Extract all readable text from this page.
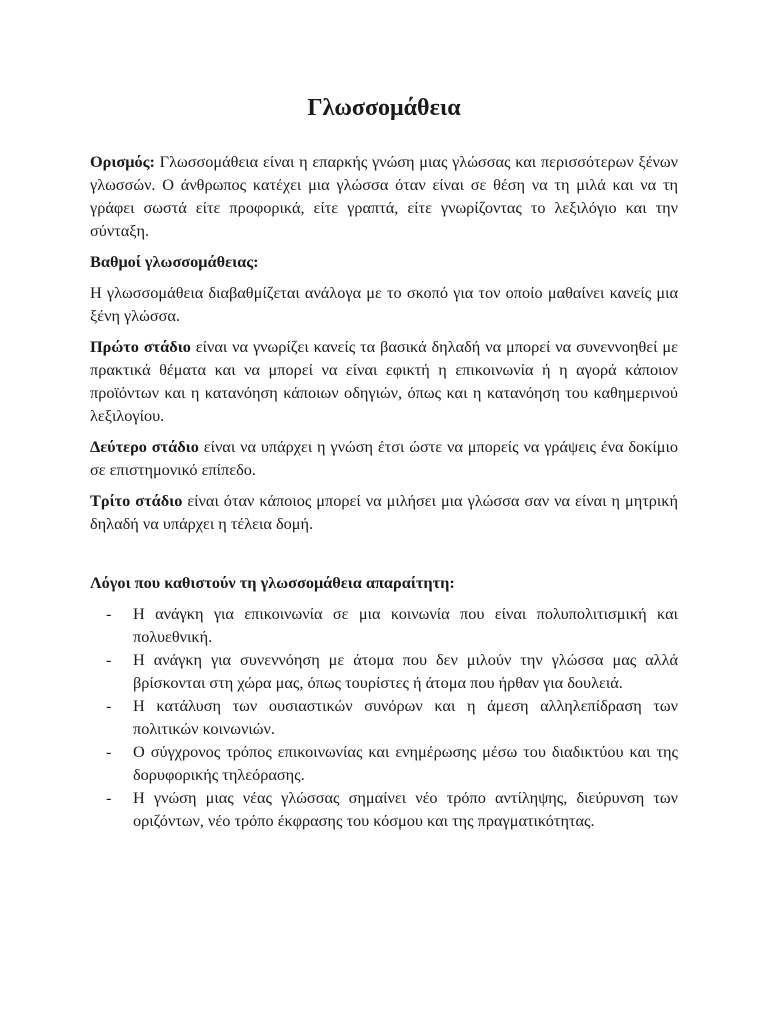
Γλωσσομάθεια

Ορισμός: Γλωσσομάθεια είναι η επαρκής γνώση μιας γλώσσας και περισσότερων ξένων γλωσσών. Ο άνθρωπος κατέχει μια γλώσσα όταν είναι σε θέση να τη μιλά και να τη γράφει σωστά είτε προφορικά, είτε γραπτά, είτε γνωρίζοντας το λεξιλόγιο και την σύνταξη.

Βαθμοί γλωσσομάθειας:

Η γλωσσομάθεια διαβαθμίζεται ανάλογα με το σκοπό για τον οποίο μαθαίνει κανείς μια ξένη γλώσσα.

Πρώτο στάδιο είναι να γνωρίζει κανείς τα βασικά δηλαδή να μπορεί να συνεννοηθεί με πρακτικά θέματα και να μπορεί να είναι εφικτή η επικοινωνία ή η αγορά κάποιον προϊόντων και η κατανόηση κάποιων οδηγιών, όπως και η κατανόηση του καθημερινού λεξιλογίου.

Δεύτερο στάδιο είναι να υπάρχει η γνώση έτσι ώστε να μπορείς να γράψεις ένα δοκίμιο σε επιστημονικό επίπεδο.

Τρίτο στάδιο είναι όταν κάποιος μπορεί να μιλήσει μια γλώσσα σαν να είναι η μητρική δηλαδή να υπάρχει η τέλεια δομή.

Λόγοι που καθιστούν τη γλωσσομάθεια απαραίτητη:
- Η ανάγκη για επικοινωνία σε μια κοινωνία που είναι πολυπολιτισμική και πολυεθνική.
- Η ανάγκη για συνεννόηση με άτομα που δεν μιλούν την γλώσσα μας αλλά βρίσκονται στη χώρα μας, όπως τουρίστες ή άτομα που ήρθαν για δουλειά.
- Η κατάλυση των ουσιαστικών συνόρων και η άμεση αλληλεπίδραση των πολιτικών κοινωνιών.
- Ο σύγχρονος τρόπος επικοινωνίας και ενημέρωσης μέσω του διαδικτύου και της δορυφορικής τηλεόρασης.
- Η γνώση μιας νέας γλώσσας σημαίνει νέο τρόπο αντίληψης, διεύρυνση των οριζόντων, νέο τρόπο έκφρασης του κόσμου και της πραγματικότητας.
